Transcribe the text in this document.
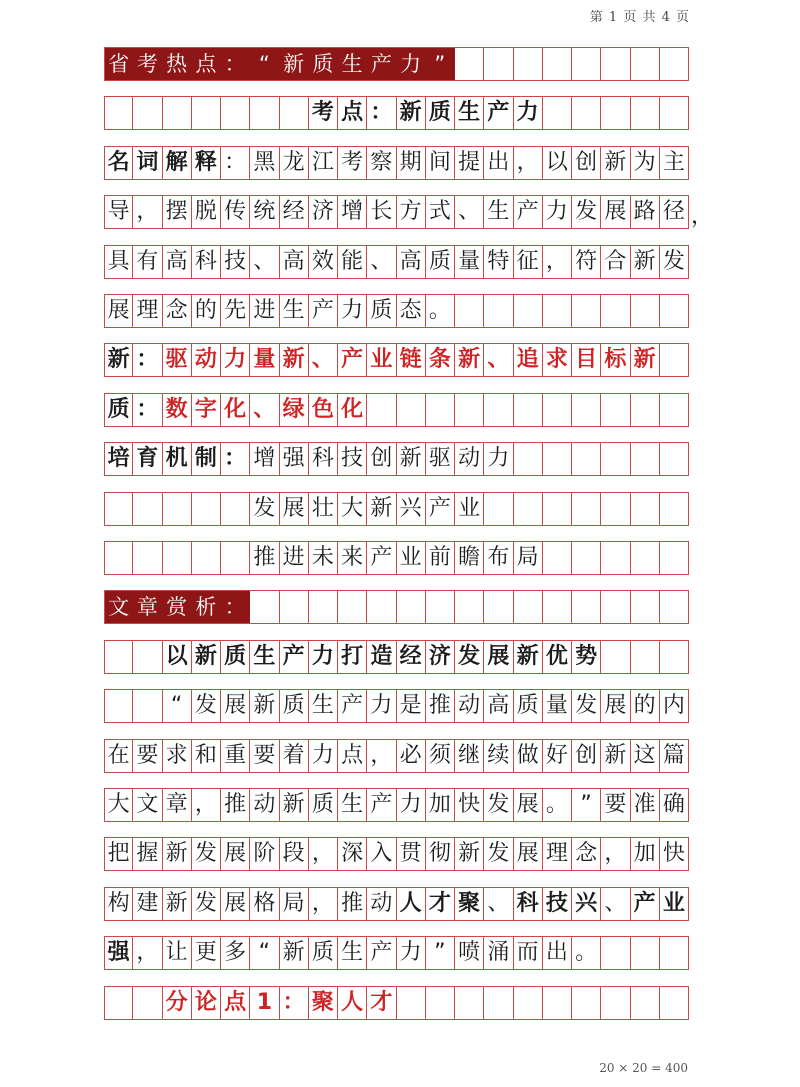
第 1 页 共 4 页
省 考 热 点 ： “ 新 质 生 产 力 ”
考 点 ： 新 质 生 产 力
名 词 解 释 ： 黑 龙 江 考 察 期 间 提 出 ， 以 创 新 为 主
导 ， 摆 脱 传 统 经 济 增 长 方 式 、 生 产 力 发 展 路 径 ，
具 有 高 科 技 、 高 效 能 、 高 质 量 特 征 ， 符 合 新 发
展 理 念 的 先 进 生 产 力 质 态 。
新 ： 驱 动 力 量 新 、 产 业 链 条 新 、 追 求 目 标 新
质 ： 数 字 化 、 绿 色 化
培 育 机 制 ： 增 强 科 技 创 新 驱 动 力
发 展 壮 大 新 兴 产 业
推 进 未 来 产 业 前 瞻 布 局
文 章 赏 析 ：
以 新 质 生 产 力 打 造 经 济 发 展 新 优 势
“ 发 展 新 质 生 产 力 是 推 动 高 质 量 发 展 的 内
在 要 求 和 重 要 着 力 点 ， 必 须 继 续 做 好 创 新 这 篇
大 文 章 ， 推 动 新 质 生 产 力 加 快 发 展 。 ” 要 准 确
把 握 新 发 展 阶 段 ， 深 入 贯 彻 新 发 展 理 念 ， 加 快
构 建 新 发 展 格 局 ， 推 动 人 才 聚 、 科 技 兴 、 产 业
强 ， 让 更 多 “ 新 质 生 产 力 ” 喷 涌 而 出 。
分 论 点 1 ： 聚 人 才
20 × 20 = 400
